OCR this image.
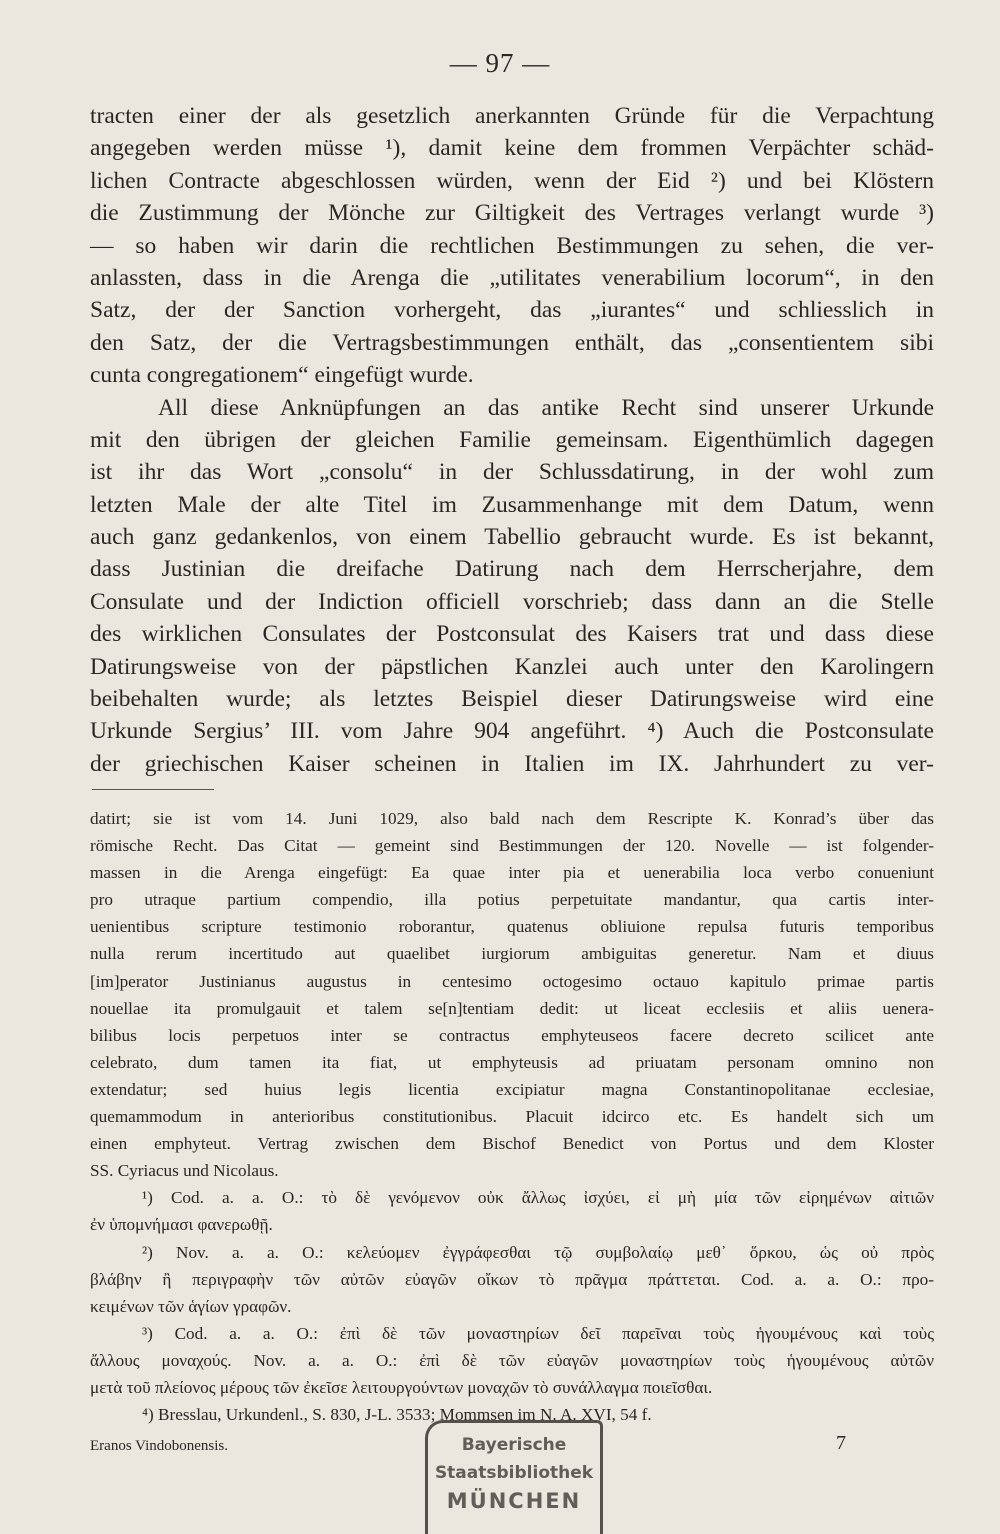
— 97 —
tracten einer der als gesetzlich anerkannten Gründe für die Verpachtung
angegeben werden müsse ¹), damit keine dem frommen Verpächter schäd-
lichen Contracte abgeschlossen würden, wenn der Eid ²) und bei Klöstern
die Zustimmung der Mönche zur Giltigkeit des Vertrages verlangt wurde ³)
— so haben wir darin die rechtlichen Bestimmungen zu sehen, die ver-
anlassten, dass in die Arenga die „utilitates venerabilium locorum“, in den
Satz, der der Sanction vorhergeht, das „iurantes“ und schliesslich in
den Satz, der die Vertragsbestimmungen enthält, das „consentientem sibi
cunta congregationem“ eingefügt wurde.
All diese Anknüpfungen an das antike Recht sind unserer Urkunde
mit den übrigen der gleichen Familie gemeinsam. Eigenthümlich dagegen
ist ihr das Wort „consolu“ in der Schlussdatirung, in der wohl zum
letzten Male der alte Titel im Zusammenhange mit dem Datum, wenn
auch ganz gedankenlos, von einem Tabellio gebraucht wurde. Es ist bekannt,
dass Justinian die dreifache Datirung nach dem Herrscherjahre, dem
Consulate und der Indiction officiell vorschrieb; dass dann an die Stelle
des wirklichen Consulates der Postconsulat des Kaisers trat und dass diese
Datirungsweise von der päpstlichen Kanzlei auch unter den Karolingern
beibehalten wurde; als letztes Beispiel dieser Datirungsweise wird eine
Urkunde Sergius’ III. vom Jahre 904 angeführt. ⁴) Auch die Postconsulate
der griechischen Kaiser scheinen in Italien im IX. Jahrhundert zu ver-
datirt; sie ist vom 14. Juni 1029, also bald nach dem Rescripte K. Konrad’s über das
römische Recht. Das Citat — gemeint sind Bestimmungen der 120. Novelle — ist folgender-
massen in die Arenga eingefügt: Ea quae inter pia et uenerabilia loca verbo conueniunt
pro utraque partium compendio, illa potius perpetuitate mandantur, qua cartis inter-
uenientibus scripture testimonio roborantur, quatenus obliuione repulsa futuris temporibus
nulla rerum incertitudo aut quaelibet iurgiorum ambiguitas generetur. Nam et diuus
[im]perator Justinianus augustus in centesimo octogesimo octauo kapitulo primae partis
nouellae ita promulgauit et talem se[n]tentiam dedit: ut liceat ecclesiis et aliis uenera-
bilibus locis perpetuos inter se contractus emphyteuseos facere decreto scilicet ante
celebrato, dum tamen ita fiat, ut emphyteusis ad priuatam personam omnino non
extendatur; sed huius legis licentia excipiatur magna Constantinopolitanae ecclesiae,
quemammodum in anterioribus constitutionibus. Placuit idcirco etc. Es handelt sich um
einen emphyteut. Vertrag zwischen dem Bischof Benedict von Portus und dem Kloster
SS. Cyriacus und Nicolaus.
¹) Cod. a. a. O.: τὸ δὲ γενόμενον οὐκ ἄλλως ἰσχύει, εἰ μὴ μία τῶν εἰρημένων αἰτιῶν
ἐν ὑπομνήμασι φανερωθῇ.
²) Nov. a. a. O.: κελεύομεν ἐγγράφεσθαι τῷ συμβολαίῳ μεθ᾽ ὅρκου, ὡς οὐ πρὸς
βλάβην ἢ περιγραφὴν τῶν αὐτῶν εὐαγῶν οἴκων τὸ πρᾶγμα πράττεται. Cod. a. a. O.: προ-
κειμένων τῶν ἁγίων γραφῶν.
³) Cod. a. a. O.: ἐπὶ δὲ τῶν μοναστηρίων δεῖ παρεῖναι τοὺς ἡγουμένους καὶ τοὺς
ἄλλους μοναχούς. Nov. a. a. O.: ἐπὶ δὲ τῶν εὐαγῶν μοναστηρίων τοὺς ἡγουμένους αὐτῶν
μετὰ τοῦ πλείονος μέρους τῶν ἐκεῖσε λειτουργούντων μοναχῶν τὸ συνάλλαγμα ποιεῖσθαι.
⁴) Bresslau, Urkundenl., S. 830, J-L. 3533; Mommsen im N. A. XVI, 54 f.
Eranos Vindobonensis.	7
Bayerische
Staatsbibliothek
MÜNCHEN
